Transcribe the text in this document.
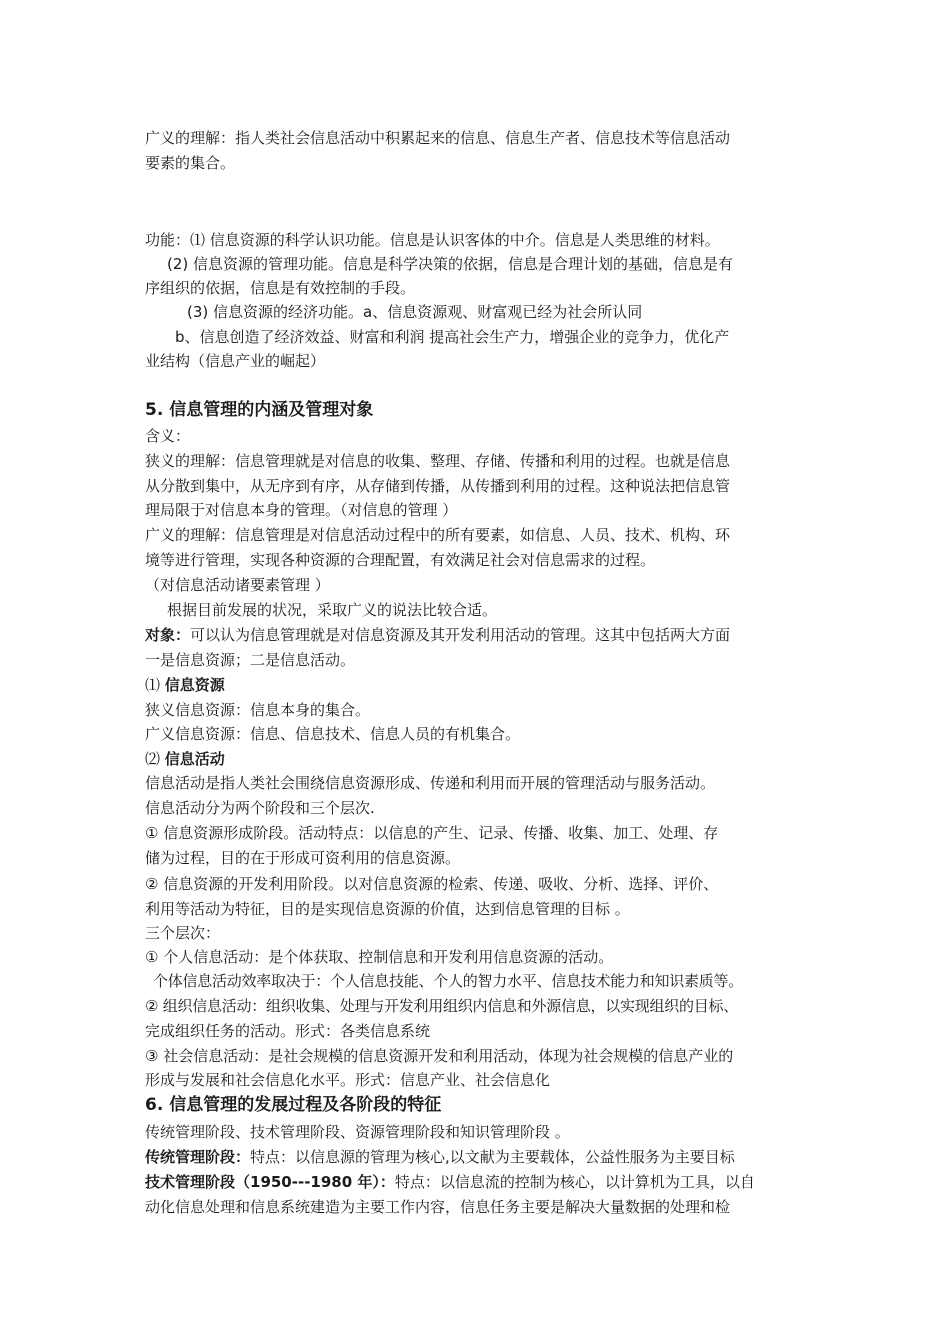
广义的理解：指人类社会信息活动中积累起来的信息、信息生产者、信息技术等信息活动
要素的集合。
功能：⑴ 信息资源的科学认识功能。信息是认识客体的中介。信息是人类思维的材料。
(2) 信息资源的管理功能。信息是科学决策的依据，信息是合理计划的基础，信息是有
序组织的依据，信息是有效控制的手段。
(3) 信息资源的经济功能。a、信息资源观、财富观已经为社会所认同
b、信息创造了经济效益、财富和利润 提高社会生产力，增强企业的竞争力，优化产
业结构（信息产业的崛起）
5. 信息管理的内涵及管理对象
含义：
狭义的理解：信息管理就是对信息的收集、整理、存储、传播和利用的过程。也就是信息
从分散到集中，从无序到有序，从存储到传播，从传播到利用的过程。这种说法把信息管
理局限于对信息本身的管理。（对信息的管理 ）
广义的理解：信息管理是对信息活动过程中的所有要素，如信息、人员、技术、机构、环
境等进行管理，实现各种资源的合理配置，有效满足社会对信息需求的过程。
（对信息活动诸要素管理 ）
根据目前发展的状况，采取广义的说法比较合适。
对象：可以认为信息管理就是对信息资源及其开发利用活动的管理。这其中包括两大方面
一是信息资源；二是信息活动。
⑴ 信息资源
狭义信息资源：信息本身的集合。
广义信息资源：信息、信息技术、信息人员的有机集合。
⑵ 信息活动
信息活动是指人类社会围绕信息资源形成、传递和利用而开展的管理活动与服务活动。
信息活动分为两个阶段和三个层次.
① 信息资源形成阶段。活动特点：以信息的产生、记录、传播、收集、加工、处理、存
储为过程，目的在于形成可资利用的信息资源。
② 信息资源的开发利用阶段。以对信息资源的检索、传递、吸收、分析、选择、评价、
利用等活动为特征，目的是实现信息资源的价值，达到信息管理的目标 。
三个层次：
① 个人信息活动：是个体获取、控制信息和开发利用信息资源的活动。
个体信息活动效率取决于：个人信息技能、个人的智力水平、信息技术能力和知识素质等。
② 组织信息活动：组织收集、处理与开发利用组织内信息和外源信息，以实现组织的目标、
完成组织任务的活动。形式：各类信息系统
③ 社会信息活动：是社会规模的信息资源开发和利用活动，体现为社会规模的信息产业的
形成与发展和社会信息化水平。形式：信息产业、社会信息化
6. 信息管理的发展过程及各阶段的特征
传统管理阶段、技术管理阶段、资源管理阶段和知识管理阶段 。
传统管理阶段：特点：以信息源的管理为核心,以文献为主要载体，公益性服务为主要目标
技术管理阶段（1950---1980 年）：特点：以信息流的控制为核心，以计算机为工具，以自
动化信息处理和信息系统建造为主要工作内容，信息任务主要是解决大量数据的处理和检
